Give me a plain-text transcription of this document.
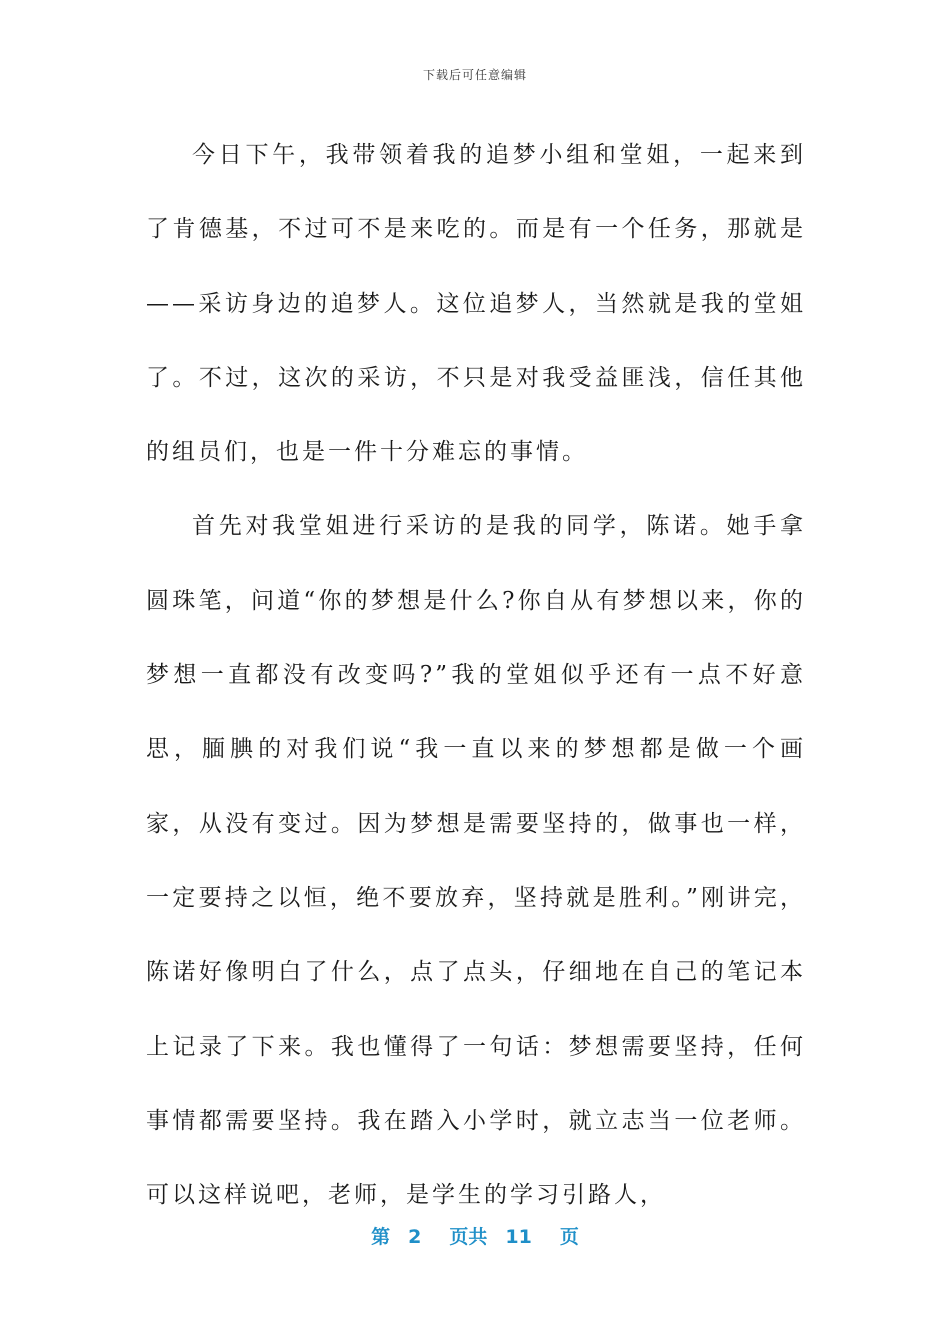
下载后可任意编辑

今日下午，我带领着我的追梦小组和堂姐，一起来到了肯德基，不过可不是来吃的。而是有一个任务，那就是——采访身边的追梦人。这位追梦人，当然就是我的堂姐了。不过，这次的采访，不只是对我受益匪浅，信任其他的组员们，也是一件十分难忘的事情。

首先对我堂姐进行采访的是我的同学，陈诺。她手拿圆珠笔，问道“你的梦想是什么?你自从有梦想以来，你的梦想一直都没有改变吗?”我的堂姐似乎还有一点不好意思，腼腆的对我们说“我一直以来的梦想都是做一个画家，从没有变过。因为梦想是需要坚持的，做事也一样，一定要持之以恒，绝不要放弃，坚持就是胜利。”刚讲完，陈诺好像明白了什么，点了点头，仔细地在自己的笔记本上记录了下来。我也懂得了一句话：梦想需要坚持，任何事情都需要坚持。我在踏入小学时，就立志当一位老师。可以这样说吧，老师，是学生的学习引路人，

第 2 页共 11 页
